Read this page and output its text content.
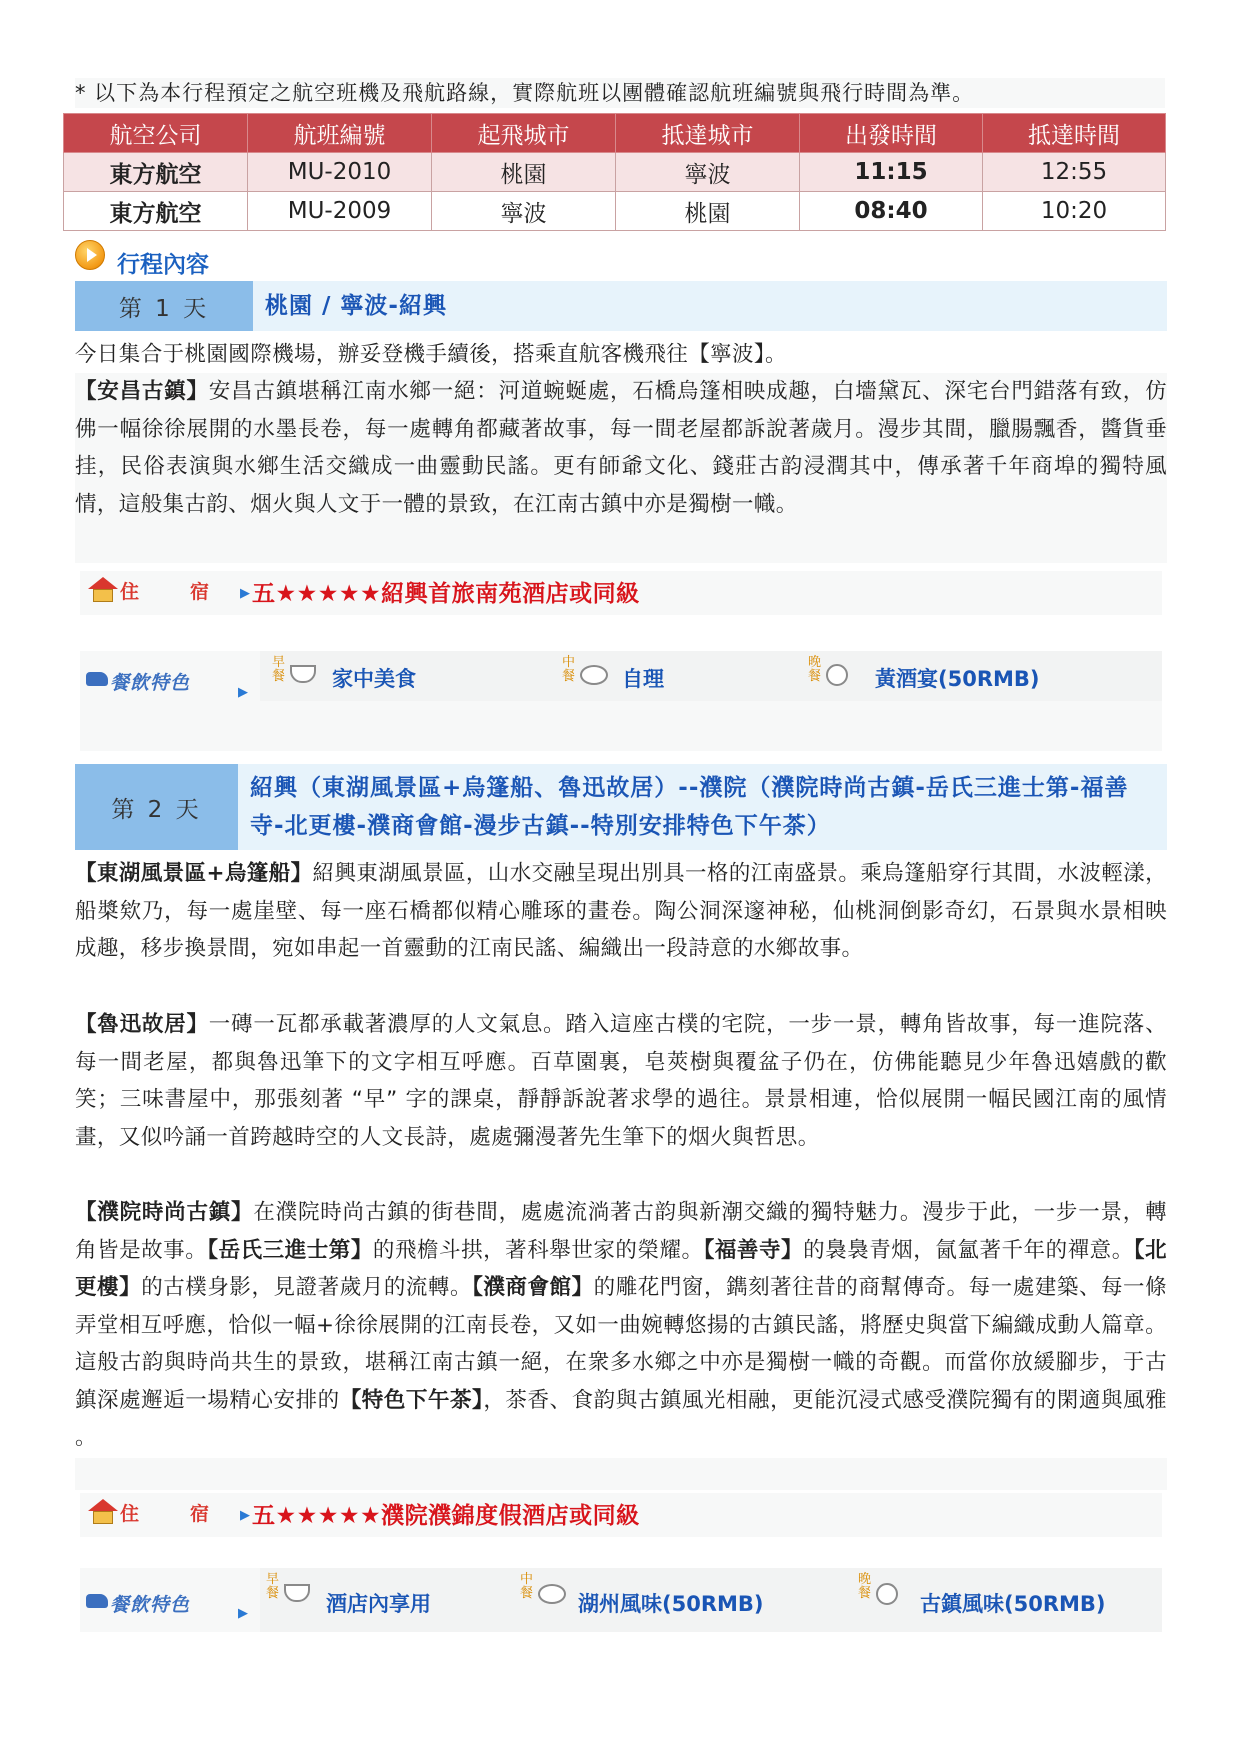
* 以下為本行程預定之航空班機及飛航路線，實際航班以團體確認航班編號與飛行時間為準。
航空公司	航班編號	起飛城市	抵達城市	出發時間	抵達時間
東方航空	MU-2010	桃園	寧波	11:15	12:55
東方航空	MU-2009	寧波	桃園	08:40	10:20
行程內容
第 1 天	桃園 / 寧波-紹興
今日集合于桃園國際機場，辦妥登機手續後，搭乘直航客機飛往【寧波】。
【安昌古鎮】安昌古鎮堪稱江南水鄉一絕：河道蜿蜒處，石橋烏篷相映成趣，白墻黛瓦、深宅台門錯落有致，仿佛一幅徐徐展開的水墨長卷，每一處轉角都藏著故事，每一間老屋都訴說著歲月。漫步其間，臘腸飄香，醬貨垂挂，民俗表演與水鄉生活交織成一曲靈動民謠。更有師爺文化、錢莊古韵浸潤其中，傳承著千年商埠的獨特風情，這般集古韵、烟火與人文于一體的景致，在江南古鎮中亦是獨樹一幟。
住	宿 ▶ 五★★★★★紹興首旅南苑酒店或同級
餐飲特色	▶
早餐 家中美食
中餐 自理
晚餐	黃酒宴(50RMB)
第 2 天
紹興（東湖風景區+烏篷船、魯迅故居）--濮院（濮院時尚古鎮-岳氏三進士第-福善寺-北更樓-濮商會館-漫步古鎮--特別安排特色下午茶）
【東湖風景區+烏篷船】紹興東湖風景區，山水交融呈現出別具一格的江南盛景。乘烏篷船穿行其間，水波輕漾，船槳欸乃，每一處崖壁、每一座石橋都似精心雕琢的畫卷。陶公洞深邃神秘，仙桃洞倒影奇幻，石景與水景相映成趣，移步換景間，宛如串起一首靈動的江南民謠、編織出一段詩意的水鄉故事。
【魯迅故居】一磚一瓦都承載著濃厚的人文氣息。踏入這座古樸的宅院，一步一景，轉角皆故事，每一進院落、每一間老屋，都與魯迅筆下的文字相互呼應。百草園裏，皂莢樹與覆盆子仍在，仿佛能聽見少年魯迅嬉戲的歡笑；三味書屋中，那張刻著 “早” 字的課桌，靜靜訴說著求學的過往。景景相連，恰似展開一幅民國江南的風情畫，又似吟誦一首跨越時空的人文長詩，處處彌漫著先生筆下的烟火與哲思。
【濮院時尚古鎮】在濮院時尚古鎮的街巷間，處處流淌著古韵與新潮交織的獨特魅力。漫步于此，一步一景，轉角皆是故事。【岳氏三進士第】的飛檐斗拱，著科舉世家的榮耀。【福善寺】的裊裊青烟，氤氳著千年的禪意。【北更樓】的古樸身影，見證著歲月的流轉。【濮商會館】的雕花門窗，鐫刻著往昔的商幫傳奇。每一處建築、每一條弄堂相互呼應，恰似一幅+徐徐展開的江南長卷，又如一曲婉轉悠揚的古鎮民謠，將歷史與當下編織成動人篇章。這般古韵與時尚共生的景致，堪稱江南古鎮一絕，在衆多水鄉之中亦是獨樹一幟的奇觀。而當你放緩腳步，于古鎮深處邂逅一場精心安排的【特色下午茶】，茶香、食韵與古鎮風光相融，更能沉浸式感受濮院獨有的閑適與風雅 。
住	宿 ▶ 五★★★★★濮院濮錦度假酒店或同級
餐飲特色	▶
早餐 酒店內享用
中餐 湖州風味(50RMB)
晚餐 古鎮風味(50RMB)
